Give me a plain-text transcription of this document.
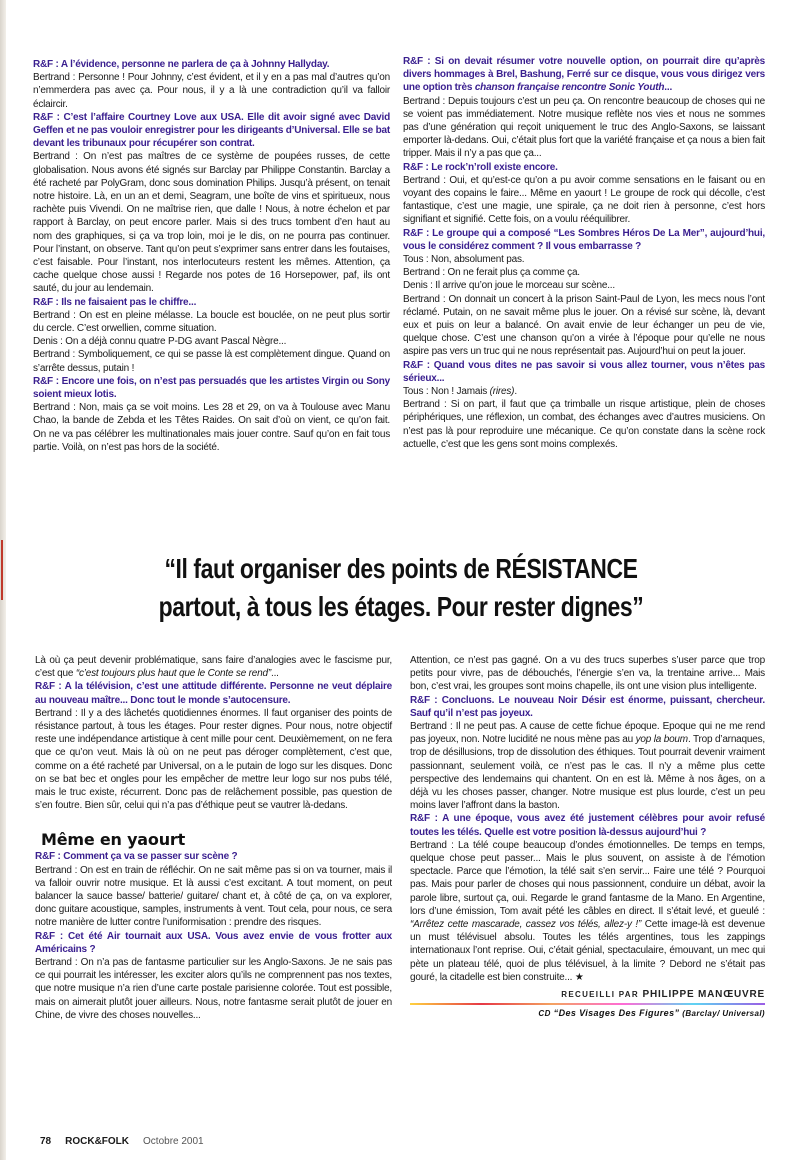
R&F : A l’évidence, personne ne parlera de ça à Johnny Hallyday.

Bertrand : Personne ! Pour Johnny, c’est évident, et il y en a pas mal d’autres qu’on n’emmerdera pas avec ça. Pour nous, il y a là une contradiction qu’il va falloir éclaircir.

R&F : C’est l’affaire Courtney Love aux USA. Elle dit avoir signé avec David Geffen et ne pas vouloir enregistrer pour les dirigeants d’Universal. Elle se bat devant les tribunaux pour récupérer son contrat.

Bertrand : On n’est pas maîtres de ce système de poupées russes, de cette globalisation. Nous avons été signés sur Barclay par Philippe Constantin. Barclay a été racheté par PolyGram, donc sous domination Philips. Jusqu’à présent, on tenait notre histoire. Là, en un an et demi, Seagram, une boîte de vins et spiritueux, nous rachète puis Vivendi. On ne maîtrise rien, que dalle ! Nous, à notre échelon et par rapport à Barclay, on peut encore parler. Mais si des trucs tombent d’en haut au nom des graphiques, si ça va trop loin, moi je le dis, on ne pourra pas continuer. Pour l’instant, on observe. Tant qu’on peut s’exprimer sans entrer dans les foutaises, c’est faisable. Pour l’instant, nos interlocuteurs restent les mêmes. Attention, ça cache quelque chose aussi ! Regarde nos potes de 16 Horsepower, paf, ils ont sauté, du jour au lendemain.

R&F : Ils ne faisaient pas le chiffre...

Bertrand : On est en pleine mélasse. La boucle est bouclée, on ne peut plus sortir du cercle. C’est orwellien, comme situation.

Denis : On a déjà connu quatre P-DG avant Pascal Nègre...

Bertrand : Symboliquement, ce qui se passe là est complètement dingue. Quand on s’arrête dessus, putain !

R&F : Encore une fois, on n’est pas persuadés que les artistes Virgin ou Sony soient mieux lotis.

Bertrand : Non, mais ça se voit moins. Les 28 et 29, on va à Toulouse avec Manu Chao, la bande de Zebda et les Têtes Raides. On sait d’où on vient, ce qu’on fait. On ne va pas célébrer les multinationales mais jouer contre. Sauf qu’on en fait tous partie. Voilà, on n’est pas hors de la société.

R&F : Si on devait résumer votre nouvelle option, on pourrait dire qu’après divers hommages à Brel, Bashung, Ferré sur ce disque, vous vous dirigez vers une option très chanson française rencontre Sonic Youth...

Bertrand : Depuis toujours c’est un peu ça. On rencontre beaucoup de choses qui ne se voient pas immédiatement. Notre musique reflète nos vies et nous ne sommes pas d’une génération qui reçoit uniquement le truc des Anglo-Saxons, se laissant emporter là-dedans. Oui, c’était plus fort que la variété française et ça nous a bien fait tripper. Mais il n’y a pas que ça...

R&F : Le rock’n’roll existe encore.

Bertrand : Oui, et qu’est-ce qu’on a pu avoir comme sensations en le faisant ou en voyant des copains le faire... Même en yaourt ! Le groupe de rock qui décolle, c’est fantastique, c’est une magie, une spirale, ça ne doit rien à personne, c’est hors signifiant et signifié. Cette fois, on a voulu rééquilibrer.

R&F : Le groupe qui a composé “Les Sombres Héros De La Mer”, aujourd’hui, vous le considérez comment ? Il vous embarrasse ?

Tous : Non, absolument pas.

Bertrand : On ne ferait plus ça comme ça.

Denis : Il arrive qu’on joue le morceau sur scène...

Bertrand : On donnait un concert à la prison Saint-Paul de Lyon, les mecs nous l’ont réclamé. Putain, on ne savait même plus le jouer. On a révisé sur scène, là, devant eux et puis on leur a balancé. On avait envie de leur échanger un peu de vie, quelque chose. C’est une chanson qu’on a virée à l’époque pour qu’elle ne nous aspire pas vers un truc qui ne nous représentait pas. Aujourd’hui on peut la jouer.

R&F : Quand vous dites ne pas savoir si vous allez tourner, vous n’êtes pas sérieux...

Tous : Non ! Jamais (rires).

Bertrand : Si on part, il faut que ça trimballe un risque artistique, plein de choses périphériques, une réflexion, un combat, des échanges avec d’autres musiciens. On n’est pas là pour reproduire une mécanique. Ce qu’on constate dans la scène rock actuelle, c’est que les gens sont moins complexés.

“Il faut organiser des points de RÉSISTANCE
partout, à tous les étages. Pour rester dignes”

Là où ça peut devenir problématique, sans faire d’analogies avec le fascisme pur, c’est que “c’est toujours plus haut que le Conte se rend”...

R&F : A la télévision, c’est une attitude différente. Personne ne veut déplaire au nouveau maître... Donc tout le monde s’autocensure.

Bertrand : Il y a des lâchetés quotidiennes énormes. Il faut organiser des points de résistance partout, à tous les étages. Pour rester dignes. Pour nous, notre objectif reste une indépendance artistique à cent mille pour cent. Deuxièmement, on ne fera que ce qu’on veut. Mais là où on ne peut pas déroger complètement, c’est que, comme on a été racheté par Universal, on a le putain de logo sur les disques. Donc on se bat bec et ongles pour les empêcher de mettre leur logo sur nos pubs télé, mais le truc existe, récurrent. Donc pas de relâchement possible, pas question de s’en foutre. Bien sûr, celui qui n’a pas d’éthique peut se vautrer là-dedans.

Même en yaourt

R&F : Comment ça va se passer sur scène ?

Bertrand : On est en train de réfléchir. On ne sait même pas si on va tourner, mais il va falloir ouvrir notre musique. Et là aussi c’est excitant. A tout moment, on peut balancer la sauce basse/ batterie/ guitare/ chant et, à côté de ça, on va explorer, donc guitare acoustique, samples, instruments à vent. Tout cela, pour nous, ce sera notre manière de lutter contre l’uniformisation : prendre des risques.

R&F : Cet été Air tournait aux USA. Vous avez envie de vous frotter aux Américains ?

Bertrand : On n’a pas de fantasme particulier sur les Anglo-Saxons. Je ne sais pas ce qui pourrait les intéresser, les exciter alors qu’ils ne comprennent pas nos textes, que notre musique n’a rien d’une carte postale parisienne colorée. Tout est possible, mais on aimerait plutôt jouer ailleurs. Nous, notre fantasme serait plutôt de jouer en Chine, de vivre des choses nouvelles...

Attention, ce n’est pas gagné. On a vu des trucs superbes s’user parce que trop petits pour vivre, pas de débouchés, l’énergie s’en va, la trentaine arrive... Mais bon, c’est vrai, les groupes sont moins chapelle, ils ont une vision plus intelligente.

R&F : Concluons. Le nouveau Noir Désir est énorme, puissant, chercheur. Sauf qu’il n’est pas joyeux.

Bertrand : Il ne peut pas. A cause de cette fichue époque. Epoque qui ne me rend pas joyeux, non. Notre lucidité ne nous mène pas au yop la boum. Trop d’arnaques, trop de désillusions, trop de dissolution des éthiques. Tout pourrait devenir vraiment passionnant, seulement voilà, ce n’est pas le cas. Il n’y a même plus cette perspective des lendemains qui chantent. On en est là. Même à nos âges, on a déjà vu les choses passer, changer. Notre musique est plus lourde, c’est un peu moins laver l’affront dans la baston.

R&F : A une époque, vous avez été justement célèbres pour avoir refusé toutes les télés. Quelle est votre position là-dessus aujourd’hui ?

Bertrand : La télé coupe beaucoup d’ondes émotionnelles. De temps en temps, quelque chose peut passer... Mais le plus souvent, on assiste à de l’émotion spectacle. Parce que l’émotion, la télé sait s’en servir... Faire une télé ? Pourquoi pas. Mais pour parler de choses qui nous passionnent, conduire un débat, avoir la parole libre, surtout ça, oui. Regarde le grand fantasme de la Mano. En Argentine, lors d’une émission, Tom avait pété les câbles en direct. Il s’était levé, et gueulé : “Arrêtez cette mascarade, cassez vos télés, allez-y !” Cette image-là est devenue un must télévisuel absolu. Toutes les télés argentines, tous les zappings internationaux l’ont reprise. Oui, c’était génial, spectaculaire, émouvant, un mec qui pète un plateau télé, quoi de plus télévisuel, à la limite ? Debord ne s’était pas gouré, la citadelle est bien construite... ★

RECUEILLI PAR PHILIPPE MANŒUVRE
CD “Des Visages Des Figures” (Barclay/ Universal)
78 ROCK&FOLK Octobre 2001
